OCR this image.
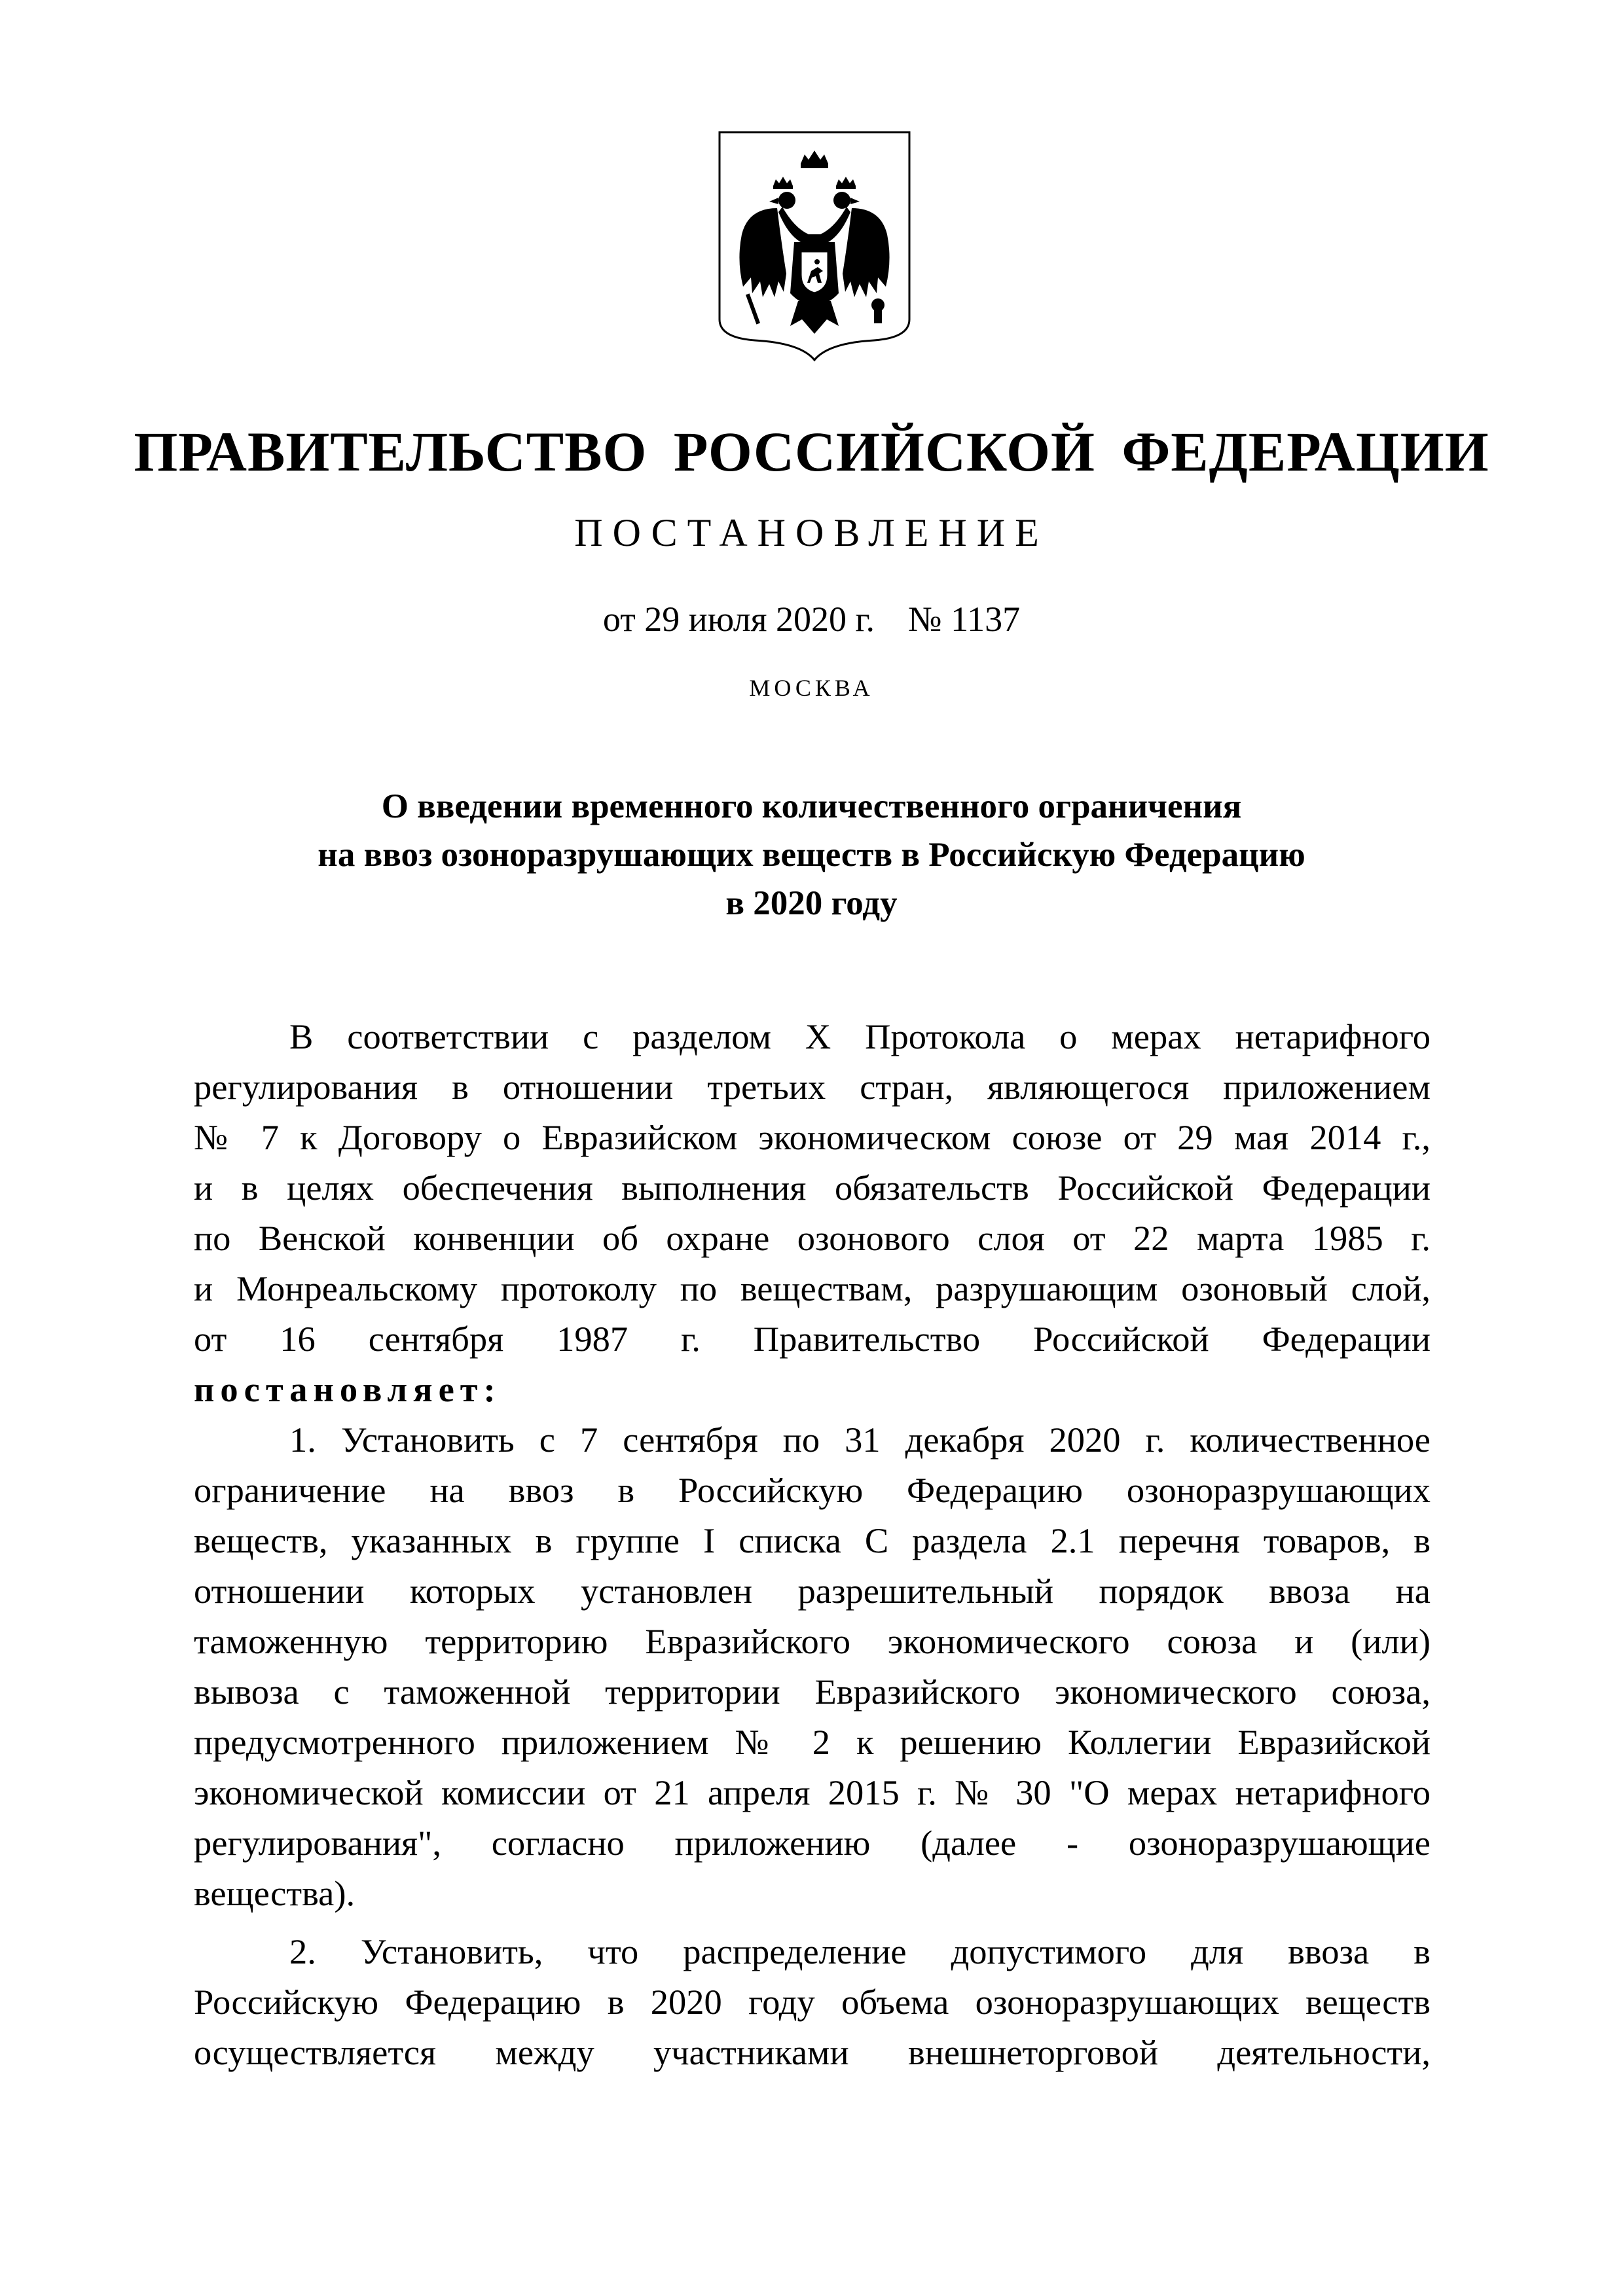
ПРАВИТЕЛЬСТВО РОССИЙСКОЙ ФЕДЕРАЦИИ
ПОСТАНОВЛЕНИЕ
от 29 июля 2020 г. № 1137
МОСКВА
О введении временного количественного ограничения
на ввоз озоноразрушающих веществ в Российскую Федерацию
в 2020 году
В соответствии с разделом X Протокола о мерах нетарифного
регулирования в отношении третьих стран, являющегося приложением
№ 7 к Договору о Евразийском экономическом союзе от 29 мая 2014 г.,
и в целях обеспечения выполнения обязательств Российской Федерации
по Венской конвенции об охране озонового слоя от 22 марта 1985 г.
и Монреальскому протоколу по веществам, разрушающим озоновый слой,
от 16 сентября 1987 г. Правительство Российской Федерации
постановляет:
1. Установить с 7 сентября по 31 декабря 2020 г. количественное
ограничение на ввоз в Российскую Федерацию озоноразрушающих
веществ, указанных в группе I списка С раздела 2.1 перечня товаров, в
отношении которых установлен разрешительный порядок ввоза на
таможенную территорию Евразийского экономического союза и (или)
вывоза с таможенной территории Евразийского экономического союза,
предусмотренного приложением № 2 к решению Коллегии Евразийской
экономической комиссии от 21 апреля 2015 г. № 30 "О мерах нетарифного
регулирования", согласно приложению (далее - озоноразрушающие
вещества).
2. Установить, что распределение допустимого для ввоза в
Российскую Федерацию в 2020 году объема озоноразрушающих веществ
осуществляется между участниками внешнеторговой деятельности,
